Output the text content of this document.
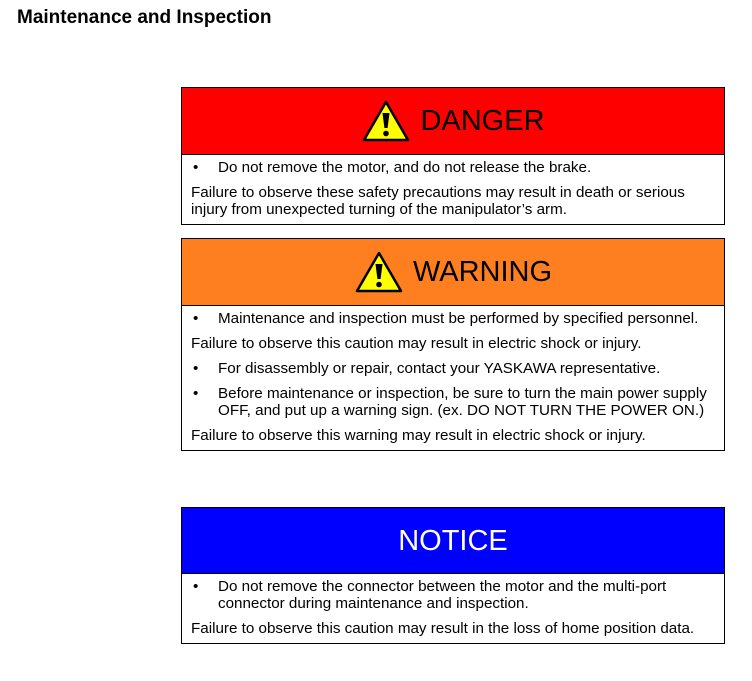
Maintenance and Inspection
DANGER
•	Do not remove the motor, and do not release the brake.

Failure to observe these safety precautions may result in death or serious injury from unexpected turning of the manipulator’s arm.

WARNING
•	Maintenance and inspection must be performed by specified personnel.

Failure to observe this caution may result in electric shock or injury.

•	For disassembly or repair, contact your YASKAWA representative.
•	Before maintenance or inspection, be sure to turn the main power supply OFF, and put up a warning sign. (ex. DO NOT TURN THE POWER ON.)

Failure to observe this warning may result in electric shock or injury.

NOTICE
•	Do not remove the connector between the motor and the multi-port connector during maintenance and inspection.

Failure to observe this caution may result in the loss of home position data.
